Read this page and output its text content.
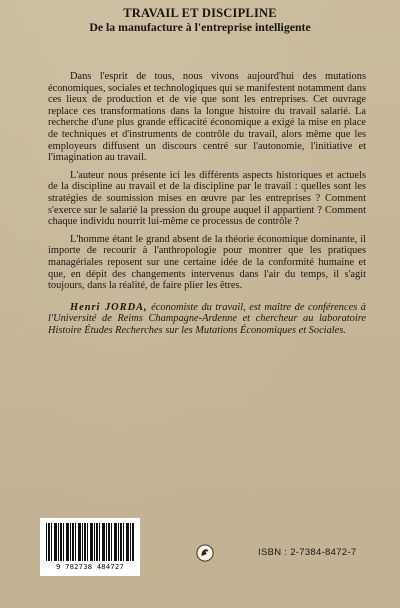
TRAVAIL ET DISCIPLINE
De la manufacture à l'entreprise intelligente

Dans l'esprit de tous, nous vivons aujourd'hui des mutations économiques, sociales et technologiques qui se manifestent notamment dans ces lieux de production et de vie que sont les entreprises. Cet ouvrage replace ces transformations dans la longue histoire du travail salarié. La recherche d'une plus grande efficacité économique a exigé la mise en place de techniques et d'instruments de contrôle du travail, alors même que les employeurs diffusent un discours centré sur l'autonomie, l'initiative et l'imagination au travail.

L'auteur nous présente ici les différents aspects historiques et actuels de la discipline au travail et de la discipline par le travail : quelles sont les stratégies de soumission mises en œuvre par les entreprises ? Comment s'exerce sur le salarié la pression du groupe auquel il appartient ? Comment chaque individu nourrit lui-même ce processus de contrôle ?

L'homme étant le grand absent de la théorie économique dominante, il importe de recourir à l'anthropologie pour montrer que les pratiques managériales reposent sur une certaine idée de la conformité humaine et que, en dépit des changements intervenus dans l'air du temps, il s'agit toujours, dans la réalité, de faire plier les êtres.

Henri JORDA, économiste du travail, est maître de conférences à l'Université de Reims Champagne-Ardenne et chercheur au laboratoire Histoire Études Recherches sur les Mutations Économiques et Sociales.

9 782738 484727
ISBN : 2-7384-8472-7
